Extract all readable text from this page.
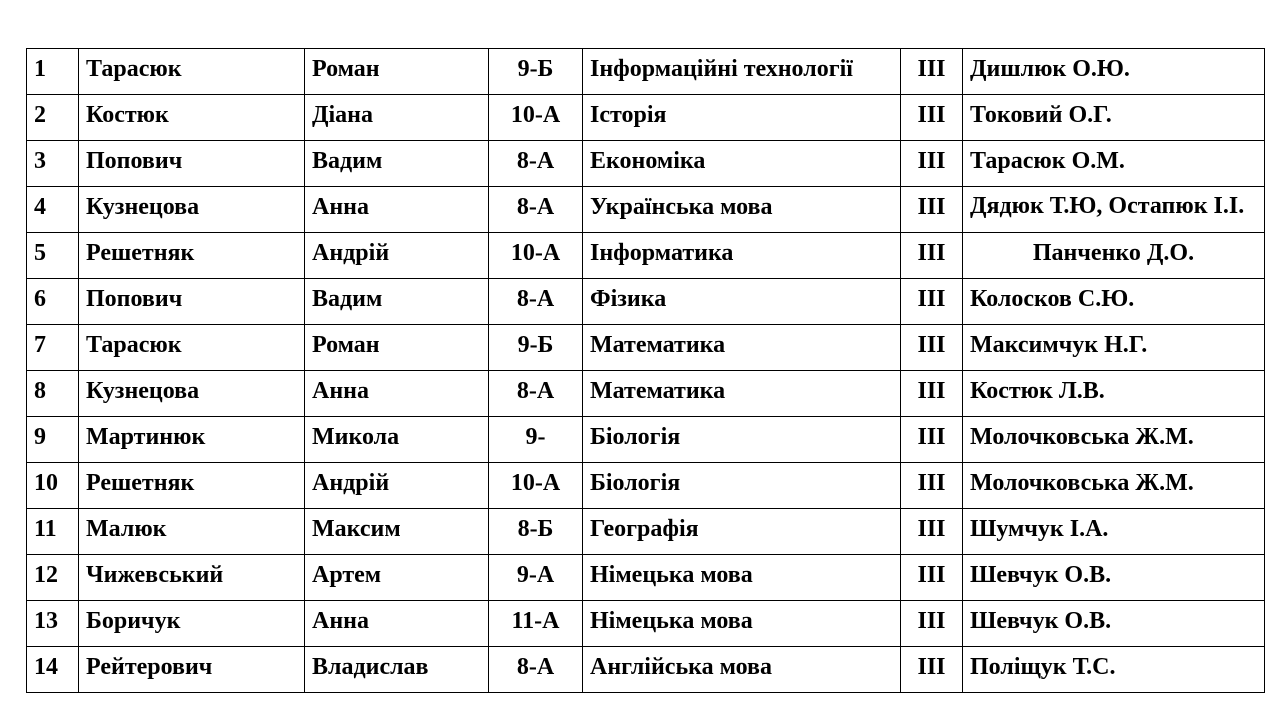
1	Тарасюк	Роман	9-Б	Інформаційні технології	ІІІ	Дишлюк О.Ю.
2	Костюк	Діана	10-А	Історія	ІІІ	Токовий О.Г.
3	Попович	Вадим	8-А	Економіка	ІІІ	Тарасюк О.М.
4	Кузнецова	Анна	8-А	Українська мова	ІІІ	Дядюк Т.Ю, Остапюк І.І.
5	Решетняк	Андрій	10-А	Інформатика	ІІІ	Панченко Д.О.
6	Попович	Вадим	8-А	Фізика	ІІІ	Колосков С.Ю.
7	Тарасюк	Роман	9-Б	Математика	ІІІ	Максимчук Н.Г.
8	Кузнецова	Анна	8-А	Математика	ІІІ	Костюк Л.В.
9	Мартинюк	Микола	9-	Біологія	ІІІ	Молочковська Ж.М.
10	Решетняк	Андрій	10-А	Біологія	ІІІ	Молочковська Ж.М.
11	Малюк	Максим	8-Б	Географія	ІІІ	Шумчук І.А.
12	Чижевський	Артем	9-А	Німецька мова	ІІІ	Шевчук О.В.
13	Боричук	Анна	11-А	Німецька мова	ІІІ	Шевчук О.В.
14	Рейтерович	Владислав	8-А	Англійська мова	ІІІ	Поліщук Т.С.
